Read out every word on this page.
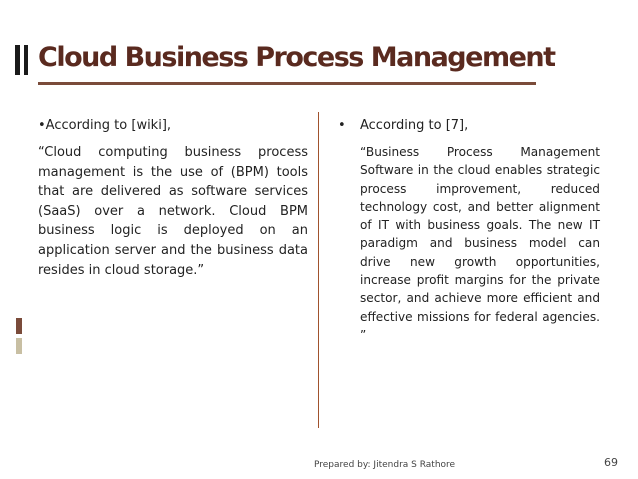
Cloud Business Process Management
•According to [wiki],
“Cloud computing business process management is the use of (BPM) tools that are delivered as software services (SaaS) over a network. Cloud BPM business logic is deployed on an application server and the business data resides in cloud storage.”
•	According to [7],
“Business Process Management Software in the cloud enables strategic process improvement, reduced technology cost, and better alignment of IT with business goals. The new IT paradigm and business model can drive new growth opportunities, increase profit margins for the private sector, and achieve more efficient and effective missions for federal agencies. ”
Prepared by: Jitendra S Rathore	69
